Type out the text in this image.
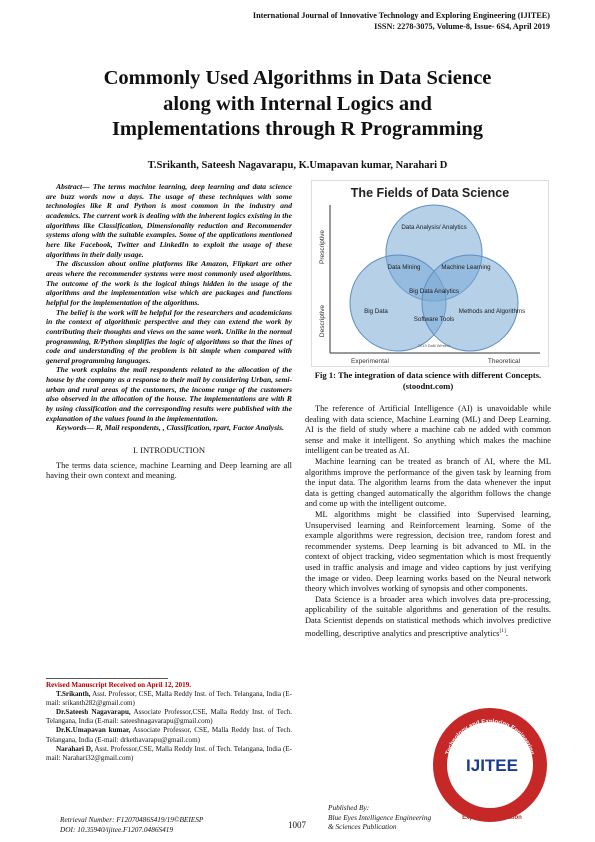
International Journal of Innovative Technology and Exploring Engineering (IJITEE)
ISSN: 2278-3075, Volume-8, Issue- 6S4, April 2019
Commonly Used Algorithms in Data Science
along with Internal Logics and
Implementations through R Programming
T.Srikanth, Sateesh Nagavarapu, K.Umapavan kumar, Narahari D

Abstract— The terms machine learning, deep learning and data science are buzz words now a days. The usage of these techniques with some technologies like R and Python is most common in the industry and academics. The current work is dealing with the inherent logics existing in the algorithms like Classification, Dimensionality reduction and Recommender systems along with the suitable examples. Some of the applications mentioned here like Facebook, Twitter and LinkedIn to exploit the usage of these algorithms in their daily usage.

The discussion about online platforms like Amazon, Flipkart are other areas where the recommender systems were most commonly used algorithms. The outcome of the work is the logical things hidden in the usage of the algorithms and the implementation wise which are packages and functions helpful for the implementation of the algorithms.

The belief is the work will be helpful for the researchers and academicians in the context of algorithmic perspective and they can extend the work by contributing their thoughts and views on the same work. Unlike in the normal programming, R/Python simplifies the logic of algorithms so that the lines of code and understanding of the problem is bit simple when compared with general programming languages.

The work explains the mail respondents related to the allocation of the house by the company as a response to their mail by considering Urban, semi-urban and rural areas of the customers, the income range of the customers also observed in the allocation of the house. The implementations are with R by using classification and the corresponding results were published with the explanation of the values found in the implementation.

Keywords— R, Mail respondents, , Classification, rpart, Factor Analysis.

I. INTRODUCTION

The terms data science, machine Learning and Deep learning are all having their own context and meaning.

Revised Manuscript Received on April 12, 2019.

T.Srikanth, Asst. Professor, CSE, Malla Reddy Inst. of Tech. Telangana, India (E-mail: srikanth282@gmail.com)

Dr.Sateesh Nagavarapu, Associate Professor,CSE, Malla Reddy Inst. of Tech. Telangana, India (E-mail: sateeshnagavarapu@gmail.com)

Dr.K.Umapavan kumar, Associate Professor, CSE, Malla Reddy Inst. of Tech. Telangana, India (E-mail: drkethavarapu@gmail.com)

Narahari D, Asst. Professor,CSE, Malla Reddy Inst. of Tech. Telangana, India (E-mail: Narahari32@gmail.com)

The Fields of Data Science
Prescriptive
Descriptive
Experimental	Theoretical
Data Analysis/ Analytics
Big Data	Methods and Algorithms
Data Mining	Machine Learning
Big Data Analytics
Software Tools
2013 Dalit Winters
Fig 1: The integration of data science with different Concepts.(stoodnt.com)

The reference of Artificial Intelligence (AI) is unavoidable while dealing with data science, Machine Learning (ML) and Deep Learning. AI is the field of study where a machine cab ne added with common sense and make it intelligent. So anything which makes the machine intelligent can be treated as AI.

Machine learning can be treated as branch of AI, where the ML algorithms improve the performance of the given task by learning from the input data. The algorithm learns from the data whenever the input data is getting changed automatically the algorithm follows the change and come up with the intelligent outcome.

ML algorithms might be classified into Supervised learning, Unsupervised learning and Reinforcement learning. Some of the example algorithms were regression, decision tree, random forest and recommender systems. Deep learning is bit advanced to ML in the context of object tracking, video segmentation which is most frequently used in traffic analysis and image and video captions by just verifying the image or video. Deep learning works based on the Neural network theory which involves working of synopsis and other components.

Data Science is a broader area which involves data pre-processing, applicability of the suitable algorithms and generation of the results. Data Scientist depends on statistical methods which involves predictive modelling, descriptive analytics and prescriptive analytics[1].

Technology and Exploring Engineering
IJITEE
Exploring Innovation
Retrieval Number: F12070486S419/19©BEIESP
DOI: 10.35940/ijitee.F1207.0486S419	1007
Published By:
Blue Eyes Intelligence Engineering
& Sciences Publication
